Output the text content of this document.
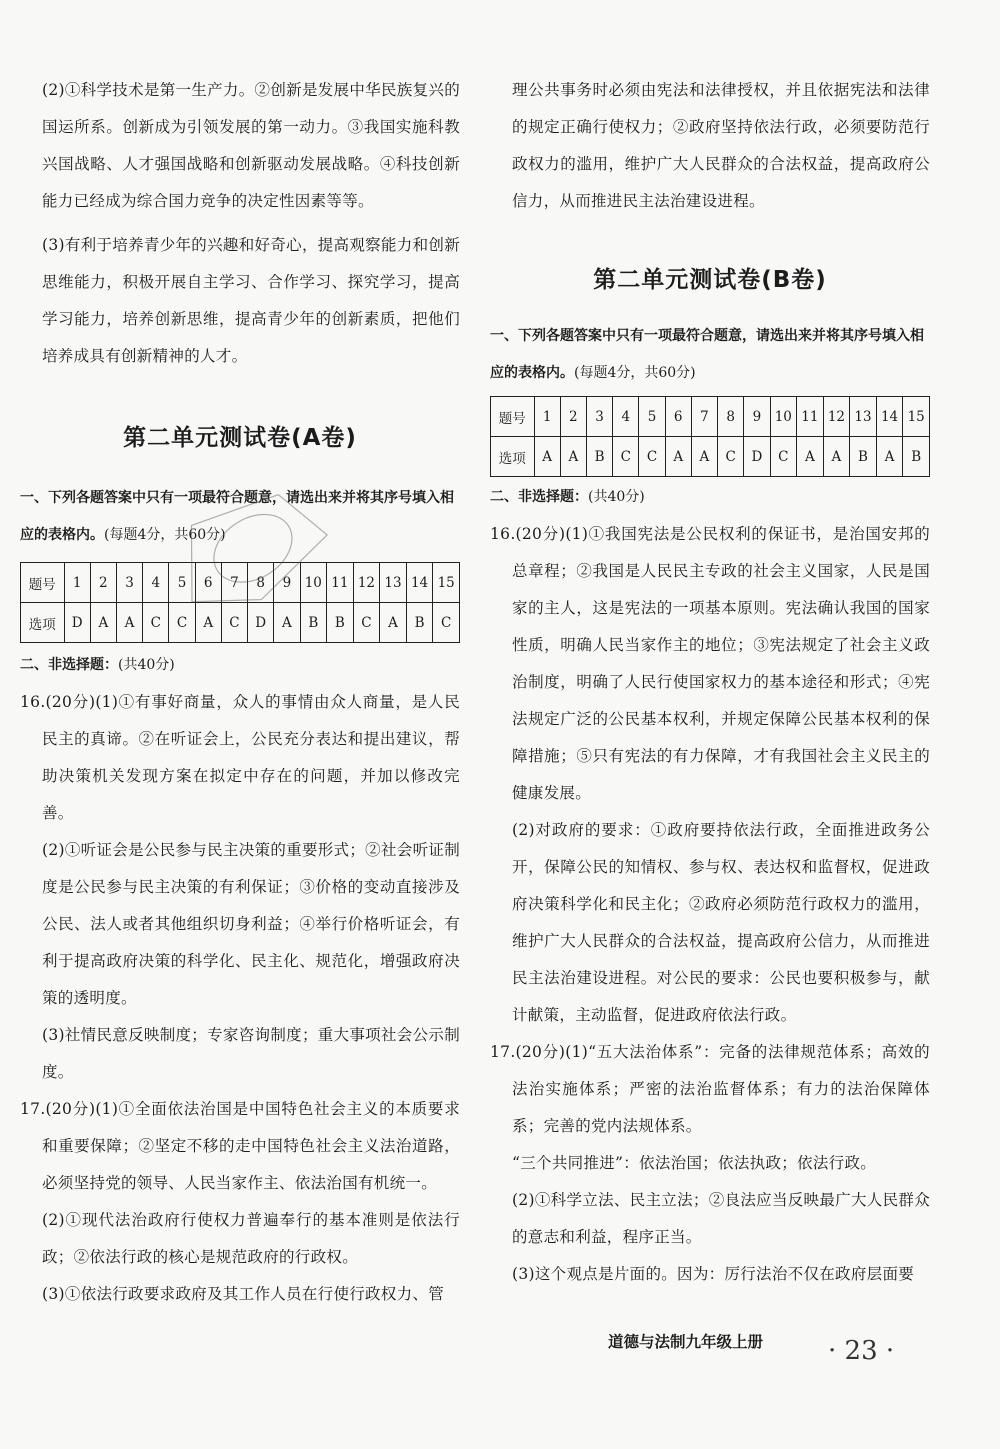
(2)①科学技术是第一生产力。②创新是发展中华民族复兴的国运所系。创新成为引领发展的第一动力。③我国实施科教兴国战略、人才强国战略和创新驱动发展战略。④科技创新能力已经成为综合国力竞争的决定性因素等等。

(3)有利于培养青少年的兴趣和好奇心，提高观察能力和创新思维能力，积极开展自主学习、合作学习、探究学习，提高学习能力，培养创新思维，提高青少年的创新素质，把他们培养成具有创新精神的人才。

第二单元测试卷(A卷)

一、下列各题答案中只有一项最符合题意，请选出来并将其序号填入相应的表格内。(每题4分，共60分)

题号	1	2	3	4	5	6	7	8	9	10	11	12	13	14	15
选项	D	A	A	C	C	A	C	D	A	B	B	C	A	B	C

二、非选择题：(共40分)

16.(20分)(1)①有事好商量，众人的事情由众人商量，是人民民主的真谛。②在听证会上，公民充分表达和提出建议，帮助决策机关发现方案在拟定中存在的问题，并加以修改完善。

(2)①听证会是公民参与民主决策的重要形式；②社会听证制度是公民参与民主决策的有利保证；③价格的变动直接涉及公民、法人或者其他组织切身利益；④举行价格听证会，有利于提高政府决策的科学化、民主化、规范化，增强政府决策的透明度。

(3)社情民意反映制度；专家咨询制度；重大事项社会公示制度。

17.(20分)(1)①全面依法治国是中国特色社会主义的本质要求和重要保障；②坚定不移的走中国特色社会主义法治道路，必须坚持党的领导、人民当家作主、依法治国有机统一。

(2)①现代法治政府行使权力普遍奉行的基本准则是依法行政；②依法行政的核心是规范政府的行政权。

(3)①依法行政要求政府及其工作人员在行使行政权力、管

理公共事务时必须由宪法和法律授权，并且依据宪法和法律的规定正确行使权力；②政府坚持依法行政，必须要防范行政权力的滥用，维护广大人民群众的合法权益，提高政府公信力，从而推进民主法治建设进程。

第二单元测试卷(B卷)

一、下列各题答案中只有一项最符合题意，请选出来并将其序号填入相应的表格内。(每题4分，共60分)

题号	1	2	3	4	5	6	7	8	9	10	11	12	13	14	15
选项	A	A	B	C	C	A	A	C	D	C	A	A	B	A	B

二、非选择题：(共40分)

16.(20分)(1)①我国宪法是公民权利的保证书，是治国安邦的总章程；②我国是人民民主专政的社会主义国家，人民是国家的主人，这是宪法的一项基本原则。宪法确认我国的国家性质，明确人民当家作主的地位；③宪法规定了社会主义政治制度，明确了人民行使国家权力的基本途径和形式；④宪法规定广泛的公民基本权利，并规定保障公民基本权利的保障措施；⑤只有宪法的有力保障，才有我国社会主义民主的健康发展。

(2)对政府的要求：①政府要持依法行政，全面推进政务公开，保障公民的知情权、参与权、表达权和监督权，促进政府决策科学化和民主化；②政府必须防范行政权力的滥用，维护广大人民群众的合法权益，提高政府公信力，从而推进民主法治建设进程。对公民的要求：公民也要积极参与，献计献策，主动监督，促进政府依法行政。

17.(20分)(1)“五大法治体系”：完备的法律规范体系；高效的法治实施体系；严密的法治监督体系；有力的法治保障体系；完善的党内法规体系。

“三个共同推进”：依法治国；依法执政；依法行政。

(2)①科学立法、民主立法；②良法应当反映最广大人民群众的意志和利益，程序正当。

(3)这个观点是片面的。因为：厉行法治不仅在政府层面要

道德与法制九年级上册 · 23 ·
